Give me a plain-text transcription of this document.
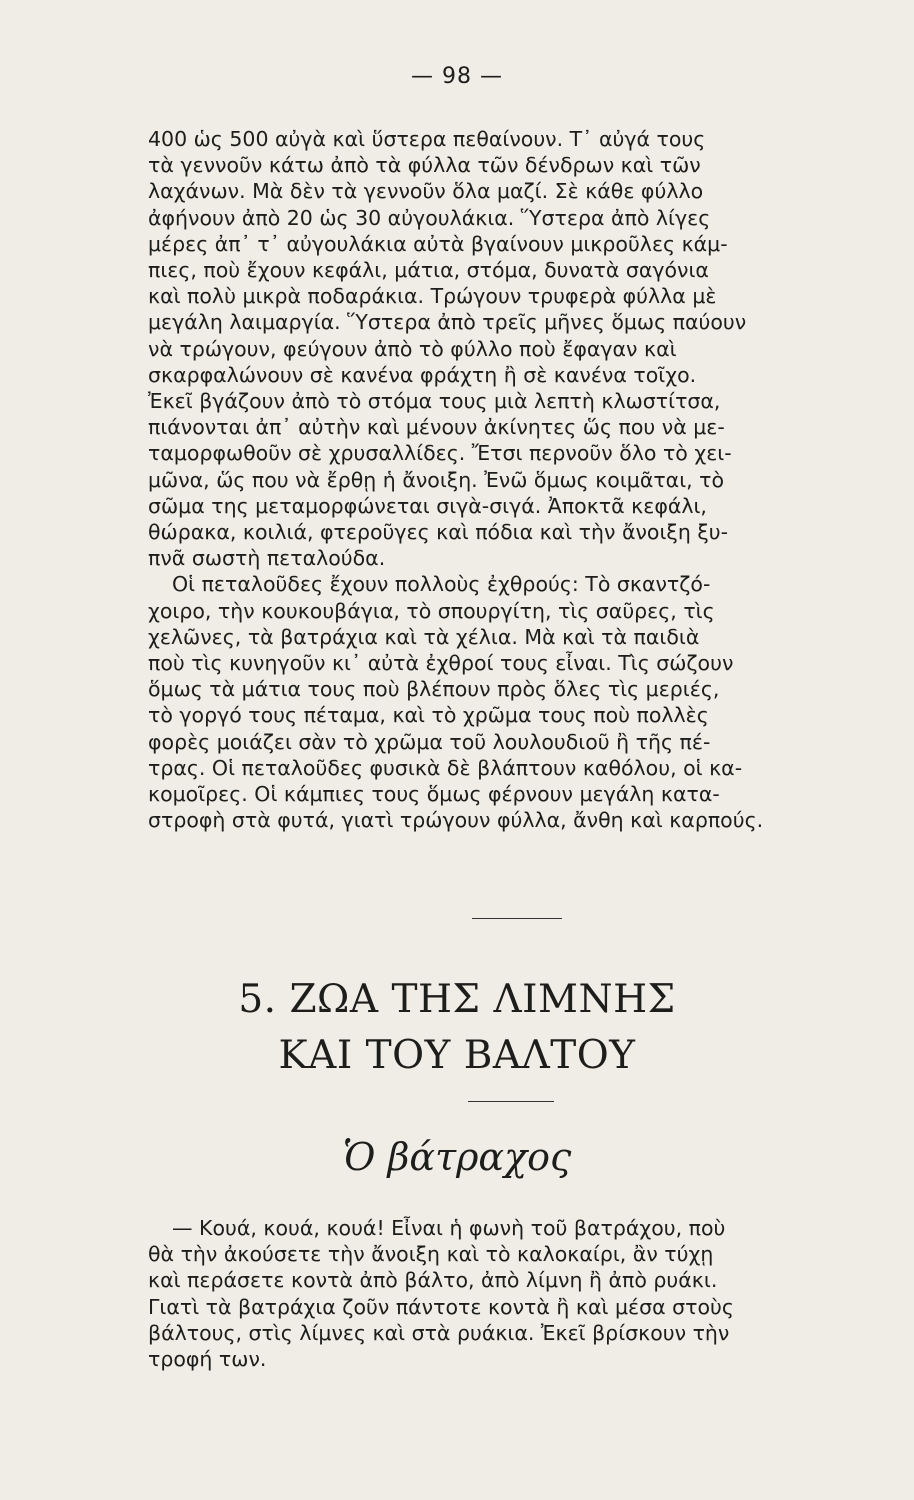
— 98 —
400 ὡς 500 αὐγὰ καὶ ὕστερα πεθαίνουν. Τ᾽ αὐγά τους
τὰ γεννοῦν κάτω ἀπὸ τὰ φύλλα τῶν δένδρων καὶ τῶν
λαχάνων. Μὰ δὲν τὰ γεννοῦν ὅλα μαζί. Σὲ κάθε φύλλο
ἀφήνουν ἀπὸ 20 ὡς 30 αὐγουλάκια. Ὕστερα ἀπὸ λίγες
μέρες ἀπ᾽ τ᾽ αὐγουλάκια αὐτὰ βγαίνουν μικροῦλες κάμ-
πιες, ποὺ ἔχουν κεφάλι, μάτια, στόμα, δυνατὰ σαγόνια
καὶ πολὺ μικρὰ ποδαράκια. Τρώγουν τρυφερὰ φύλλα μὲ
μεγάλη λαιμαργία. Ὕστερα ἀπὸ τρεῖς μῆνες ὅμως παύουν
νὰ τρώγουν, φεύγουν ἀπὸ τὸ φύλλο ποὺ ἔφαγαν καὶ
σκαρφαλώνουν σὲ κανένα φράχτη ἢ σὲ κανένα τοῖχο.
Ἐκεῖ βγάζουν ἀπὸ τὸ στόμα τους μιὰ λεπτὴ κλωστίτσα,
πιάνονται ἀπ᾽ αὐτὴν καὶ μένουν ἀκίνητες ὥς που νὰ με-
ταμορφωθοῦν σὲ χρυσαλλίδες. Ἔτσι περνοῦν ὅλο τὸ χει-
μῶνα, ὥς που νὰ ἔρθῃ ἡ ἄνοιξη. Ἐνῶ ὅμως κοιμᾶται, τὸ
σῶμα της μεταμορφώνεται σιγὰ-σιγά. Ἀποκτᾶ κεφάλι,
θώρακα, κοιλιά, φτεροῦγες καὶ πόδια καὶ τὴν ἄνοιξη ξυ-
πνᾶ σωστὴ πεταλούδα.
Οἱ πεταλοῦδες ἔχουν πολλοὺς ἐχθρούς: Τὸ σκαντζό-
χοιρο, τὴν κουκουβάγια, τὸ σπουργίτη, τὶς σαῦρες, τὶς
χελῶνες, τὰ βατράχια καὶ τὰ χέλια. Μὰ καὶ τὰ παιδιὰ
ποὺ τὶς κυνηγοῦν κι᾽ αὐτὰ ἐχθροί τους εἶναι. Τὶς σώζουν
ὅμως τὰ μάτια τους ποὺ βλέπουν πρὸς ὅλες τὶς μεριές,
τὸ γοργό τους πέταμα, καὶ τὸ χρῶμα τους ποὺ πολλὲς
φορὲς μοιάζει σὰν τὸ χρῶμα τοῦ λουλουδιοῦ ἢ τῆς πέ-
τρας. Οἱ πεταλοῦδες φυσικὰ δὲ βλάπτουν καθόλου, οἱ κα-
κομοῖρες. Οἱ κάμπιες τους ὅμως φέρνουν μεγάλη κατα-
στροφὴ στὰ φυτά, γιατὶ τρώγουν φύλλα, ἄνθη καὶ καρπούς.
5. ΖΩΑ ΤΗΣ ΛΙΜΝΗΣ
ΚΑΙ ΤΟΥ ΒΑΛΤΟΥ
Ὁ βάτραχος
— Κουά, κουά, κουά! Εἶναι ἡ φωνὴ τοῦ βατράχου, ποὺ
θὰ τὴν ἀκούσετε τὴν ἄνοιξη καὶ τὸ καλοκαίρι, ἂν τύχῃ
καὶ περάσετε κοντὰ ἀπὸ βάλτο, ἀπὸ λίμνη ἢ ἀπὸ ρυάκι.
Γιατὶ τὰ βατράχια ζοῦν πάντοτε κοντὰ ἢ καὶ μέσα στοὺς
βάλτους, στὶς λίμνες καὶ στὰ ρυάκια. Ἐκεῖ βρίσκουν τὴν
τροφή των.
